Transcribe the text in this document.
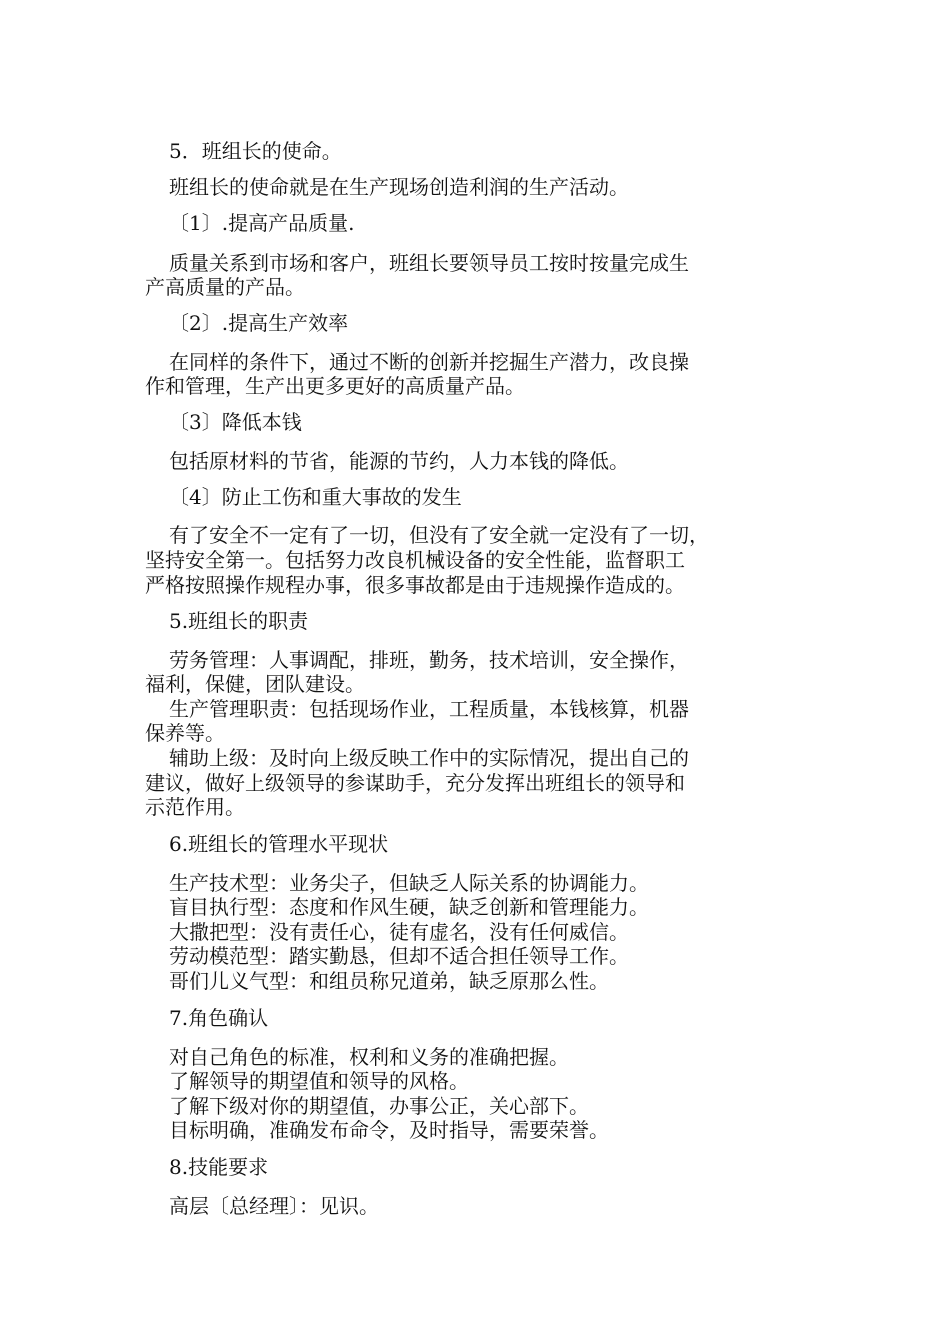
5．班组长的使命。
班组长的使命就是在生产现场创造利润的生产活动。
〔1〕.提高产品质量.
质量关系到市场和客户，班组长要领导员工按时按量完成生
产高质量的产品。
〔2〕.提高生产效率
在同样的条件下，通过不断的创新并挖掘生产潜力，改良操
作和管理，生产出更多更好的高质量产品。
〔3〕降低本钱
包括原材料的节省，能源的节约，人力本钱的降低。
〔4〕防止工伤和重大事故的发生
有了安全不一定有了一切，但没有了安全就一定没有了一切，
坚持安全第一。包括努力改良机械设备的安全性能，监督职工
严格按照操作规程办事，很多事故都是由于违规操作造成的。
5.班组长的职责
劳务管理：人事调配，排班，勤务，技术培训，安全操作，
福利，保健，团队建设。
生产管理职责：包括现场作业，工程质量，本钱核算，机器
保养等。
辅助上级：及时向上级反映工作中的实际情况，提出自己的
建议，做好上级领导的参谋助手，充分发挥出班组长的领导和
示范作用。
6.班组长的管理水平现状
生产技术型：业务尖子，但缺乏人际关系的协调能力。
盲目执行型：态度和作风生硬，缺乏创新和管理能力。
大撒把型：没有责任心，徒有虚名，没有任何威信。
劳动模范型：踏实勤恳，但却不适合担任领导工作。
哥们儿义气型：和组员称兄道弟，缺乏原那么性。
7.角色确认
对自己角色的标准，权利和义务的准确把握。
了解领导的期望值和领导的风格。
了解下级对你的期望值，办事公正，关心部下。
目标明确，准确发布命令，及时指导，需要荣誉。
8.技能要求
高层〔总经理〕：见识。
